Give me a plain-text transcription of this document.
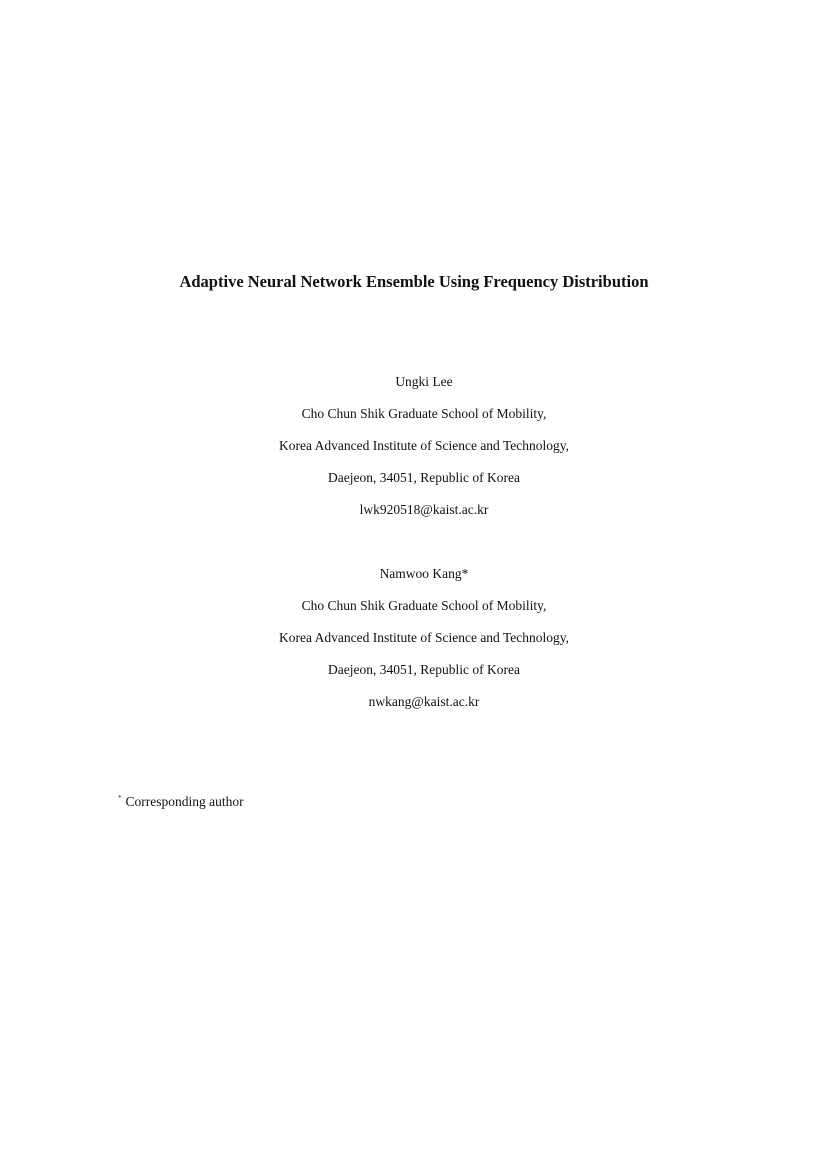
Adaptive Neural Network Ensemble Using Frequency Distribution
Ungki Lee
Cho Chun Shik Graduate School of Mobility,
Korea Advanced Institute of Science and Technology,
Daejeon, 34051, Republic of Korea
lwk920518@kaist.ac.kr
Namwoo Kang*
Cho Chun Shik Graduate School of Mobility,
Korea Advanced Institute of Science and Technology,
Daejeon, 34051, Republic of Korea
nwkang@kaist.ac.kr
* Corresponding author
